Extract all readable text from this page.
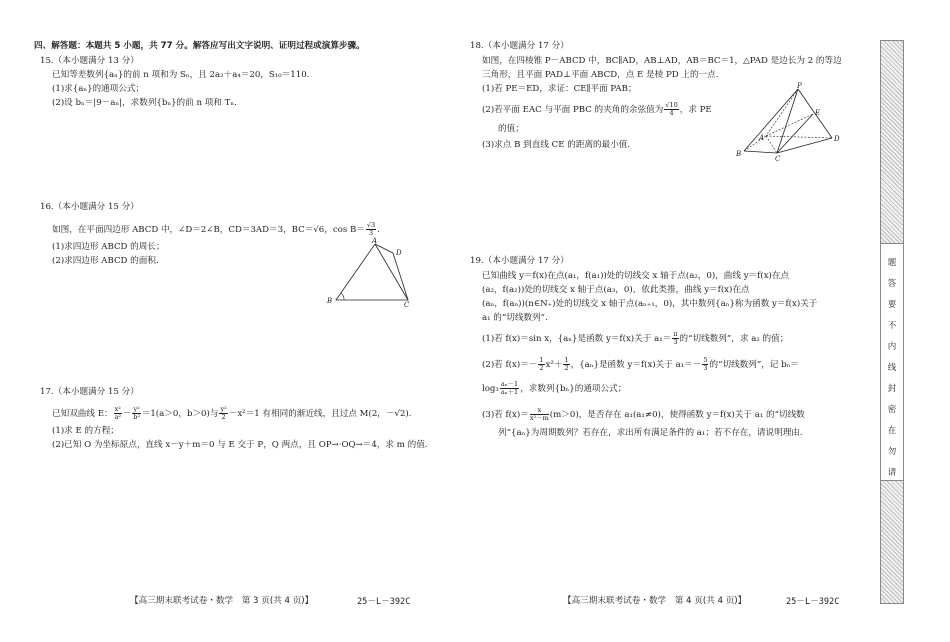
四、解答题：本题共 5 小题，共 77 分。解答应写出文字说明、证明过程或演算步骤。
15.（本小题满分 13 分）
已知等差数列{aₙ}的前 n 项和为 Sₙ，且 2a₂＋a₄＝20，S₁₀＝110.
(1)求{aₙ}的通项公式；
(2)设 bₙ＝|9－aₙ|，求数列{bₙ}的前 n 项和 Tₙ.
16.（本小题满分 15 分）
如图，在平面四边形 ABCD 中，∠D＝2∠B，CD＝3AD＝3，BC＝√6，$\cos B= \frac{√3}{3}$ .
(1)求四边形 ABCD 的周长；
(2)求四边形 ABCD 的面积.
A
B	C
D
17.（本小题满分 15 分）
已知双曲线 E： $\frac{\text{x²}}{\text{a²}} - \frac{\text{y²}}{\text{b²}} =1(a>0$，b＞0)与 $\frac{\text{y²}}{2} -x^2=1$ 有相同的渐近线，且过点 M(2，－√2).
(1)求 E 的方程；
(2)已知 O 为坐标原点，直线 x－y＋m＝0 与 E 交于 P，Q 两点，且 OP→·OQ→＝4，求 m 的值.
【高三期末联考试卷・数学　第 3 页(共 4 页)】	25－L－392C
18.（本小题满分 17 分）
如图，在四棱锥 P－ABCD 中，BC∥AD，AB⊥AD，AB＝BC＝1，△PAD 是边长为 2 的等边
三角形，且平面 PAD⊥平面 ABCD，点 E 是棱 PD 上的一点.
(1)若 PE＝ED，求证：CE∥平面 PAB；
(2)若平面 EAC 与平面 PBC 的夹角的余弦值为 $\frac{√10}{4}$ ，求 PE
的值；
(3)求点 B 到直线 CE 的距离的最小值.
P
E
A
B
C
D
19.（本小题满分 17 分）
已知曲线 y＝f(x)在点(a₁，f(a₁))处的切线交 x 轴于点(a₂，0)，曲线 y＝f(x)在点
(a₂，f(a₂))处的切线交 x 轴于点(a₃，0)，依此类推，曲线 y＝f(x)在点
(aₙ，f(aₙ))(n∈N₊)处的切线交 x 轴于点(aₙ₊₁，0)，其中数列{aₙ}称为函数 y＝f(x)关于
a₁ 的“切线数列”.
(1)若 f(x)＝sin x，{aₙ}是函数 y＝f(x)关于 $a_1= \frac{\pi}{3}$ 的“切线数列”，求 a₂ 的值；
(2)若 $f(x)=- \frac{1}{2} x^2+ \frac{1}{2}$ ，{aₙ}是函数 y＝f(x)关于 $a_1=- \frac{5}{3}$ 的“切线数列”，记 bₙ＝
$\log_3 \frac{\text{aₙ－1}}{\text{aₙ＋1}}$ ，求数列{bₙ}的通项公式；
(3)若 $f(x)= \frac{x}{\text{x²－m}} (m>0)$，是否存在 a₁(a₁≠0)，使得函数 y＝f(x)关于 a₁ 的“切线数
列”{aₙ}为周期数列？若存在，求出所有满足条件的 a₁；若不存在，请说明理由.
【高三期末联考试卷・数学　第 4 页(共 4 页)】	25－L－392C
请
勿
在
密
封
线
内
不
要
答
题
